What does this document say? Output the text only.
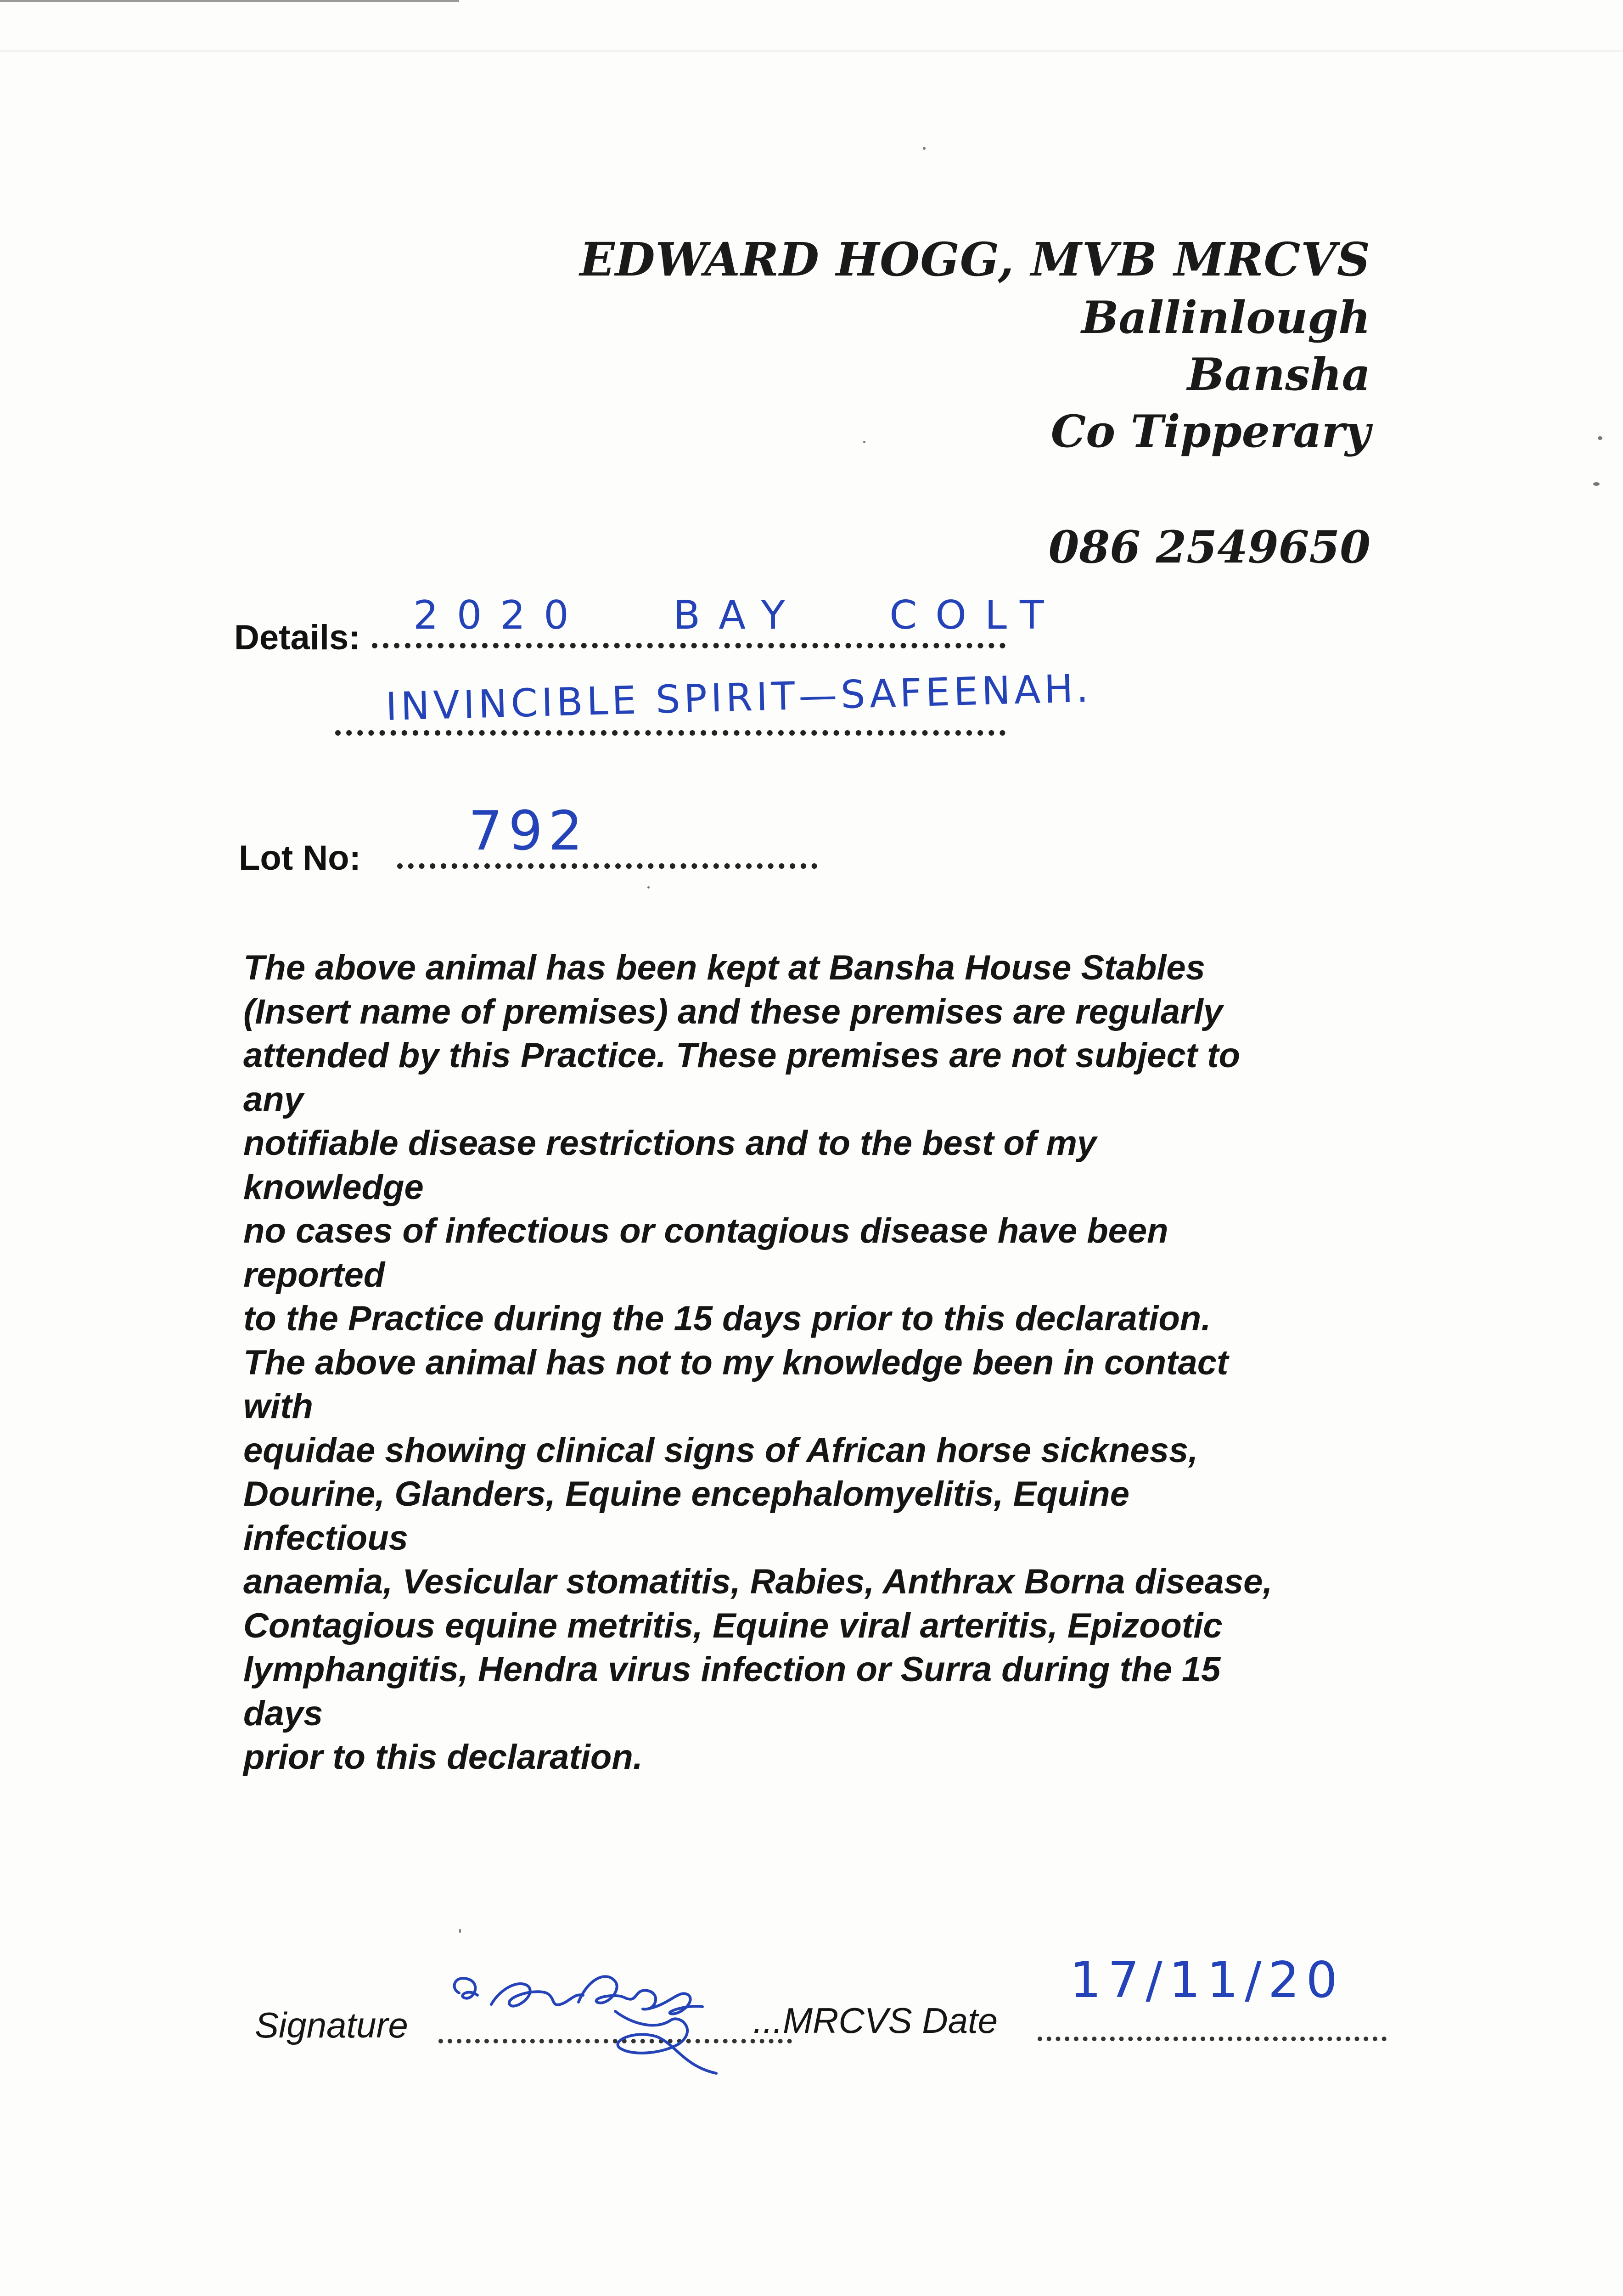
EDWARD HOGG, MVB MRCVS
Ballinlough
Bansha
Co Tipperary
086 2549650
Details: 2020 BAY COLT
INVINCIBLE SPIRIT—SAFEENAH.
Lot No: 792
The above animal has been kept at Bansha House Stables
(Insert name of premises) and these premises are regularly
attended by this Practice. These premises are not subject to
any
notifiable disease restrictions and to the best of my
knowledge
no cases of infectious or contagious disease have been
reported
to the Practice during the 15 days prior to this declaration.
The above animal has not to my knowledge been in contact
with
equidae showing clinical signs of African horse sickness,
Dourine, Glanders, Equine encephalomyelitis, Equine
infectious
anaemia, Vesicular stomatitis, Rabies, Anthrax Borna disease,
Contagious equine metritis, Equine viral arteritis, Epizootic
lymphangitis, Hendra virus infection or Surra during the 15
days
prior to this declaration.
Signature	...MRCVS Date
17/11/20
